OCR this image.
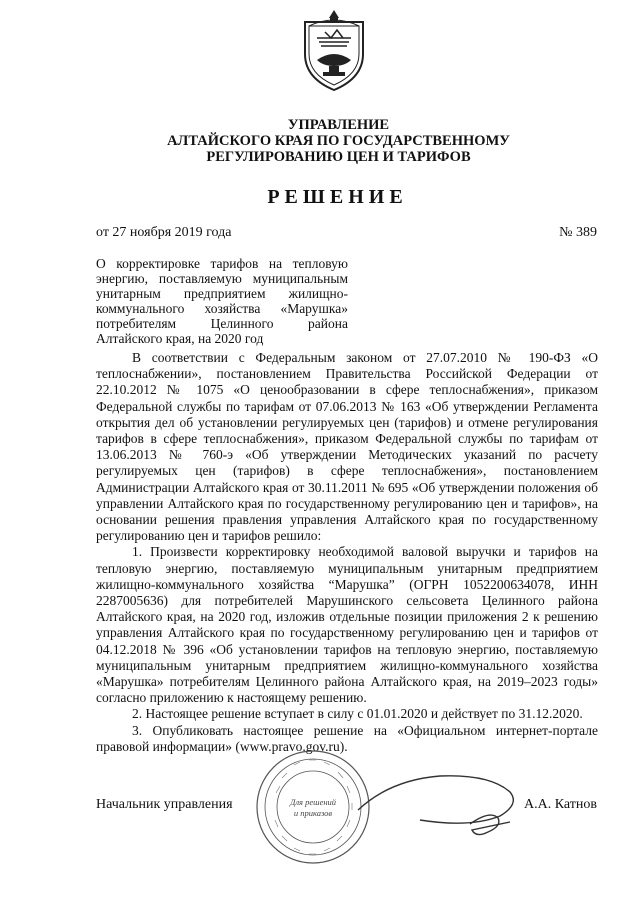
УПРАВЛЕНИЕ
АЛТАЙСКОГО КРАЯ ПО ГОСУДАРСТВЕННОМУ
РЕГУЛИРОВАНИЮ ЦЕН И ТАРИФОВ
РЕШЕНИЕ
от 27 ноября 2019 года	№ 389
О корректировке тарифов на тепловую энергию, поставляемую муниципальным унитарным предприятием жилищно-коммунального хозяйства «Марушка» потребителям Целинного района Алтайского края, на 2020 год

В соответствии с Федеральным законом от 27.07.2010 № 190-ФЗ «О теплоснабжении», постановлением Правительства Российской Федерации от 22.10.2012 № 1075 «О ценообразовании в сфере теплоснабжения», приказом Федеральной службы по тарифам от 07.06.2013 № 163 «Об утверждении Регламента открытия дел об установлении регулируемых цен (тарифов) и отмене регулирования тарифов в сфере теплоснабжения», приказом Федеральной службы по тарифам от 13.06.2013 № 760-э «Об утверждении Методических указаний по расчету регулируемых цен (тарифов) в сфере теплоснабжения», постановлением Администрации Алтайского края от 30.11.2011 № 695 «Об утверждении положения об управлении Алтайского края по государственному регулированию цен и тарифов», на основании решения правления управления Алтайского края по государственному регулированию цен и тарифов решило:

1. Произвести корректировку необходимой валовой выручки и тарифов на тепловую энергию, поставляемую муниципальным унитарным предприятием жилищно-коммунального хозяйства “Марушка” (ОГРН 1052200634078, ИНН 2287005636) для потребителей Марушинского сельсовета Целинного района Алтайского края, на 2020 год, изложив отдельные позиции приложения 2 к решению управления Алтайского края по государственному регулированию цен и тарифов от 04.12.2018 № 396 «Об установлении тарифов на тепловую энергию, поставляемую муниципальным унитарным предприятием жилищно-коммунального хозяйства «Марушка» потребителям Целинного района Алтайского края, на 2019–2023 годы» согласно приложению к настоящему решению.

2. Настоящее решение вступает в силу с 01.01.2020 и действует по 31.12.2020.

3. Опубликовать настоящее решение на «Официальном интернет-портале правовой информации» (www.pravo.gov.ru).

Для решений
и приказов
Начальник управления	А.А. Катнов
